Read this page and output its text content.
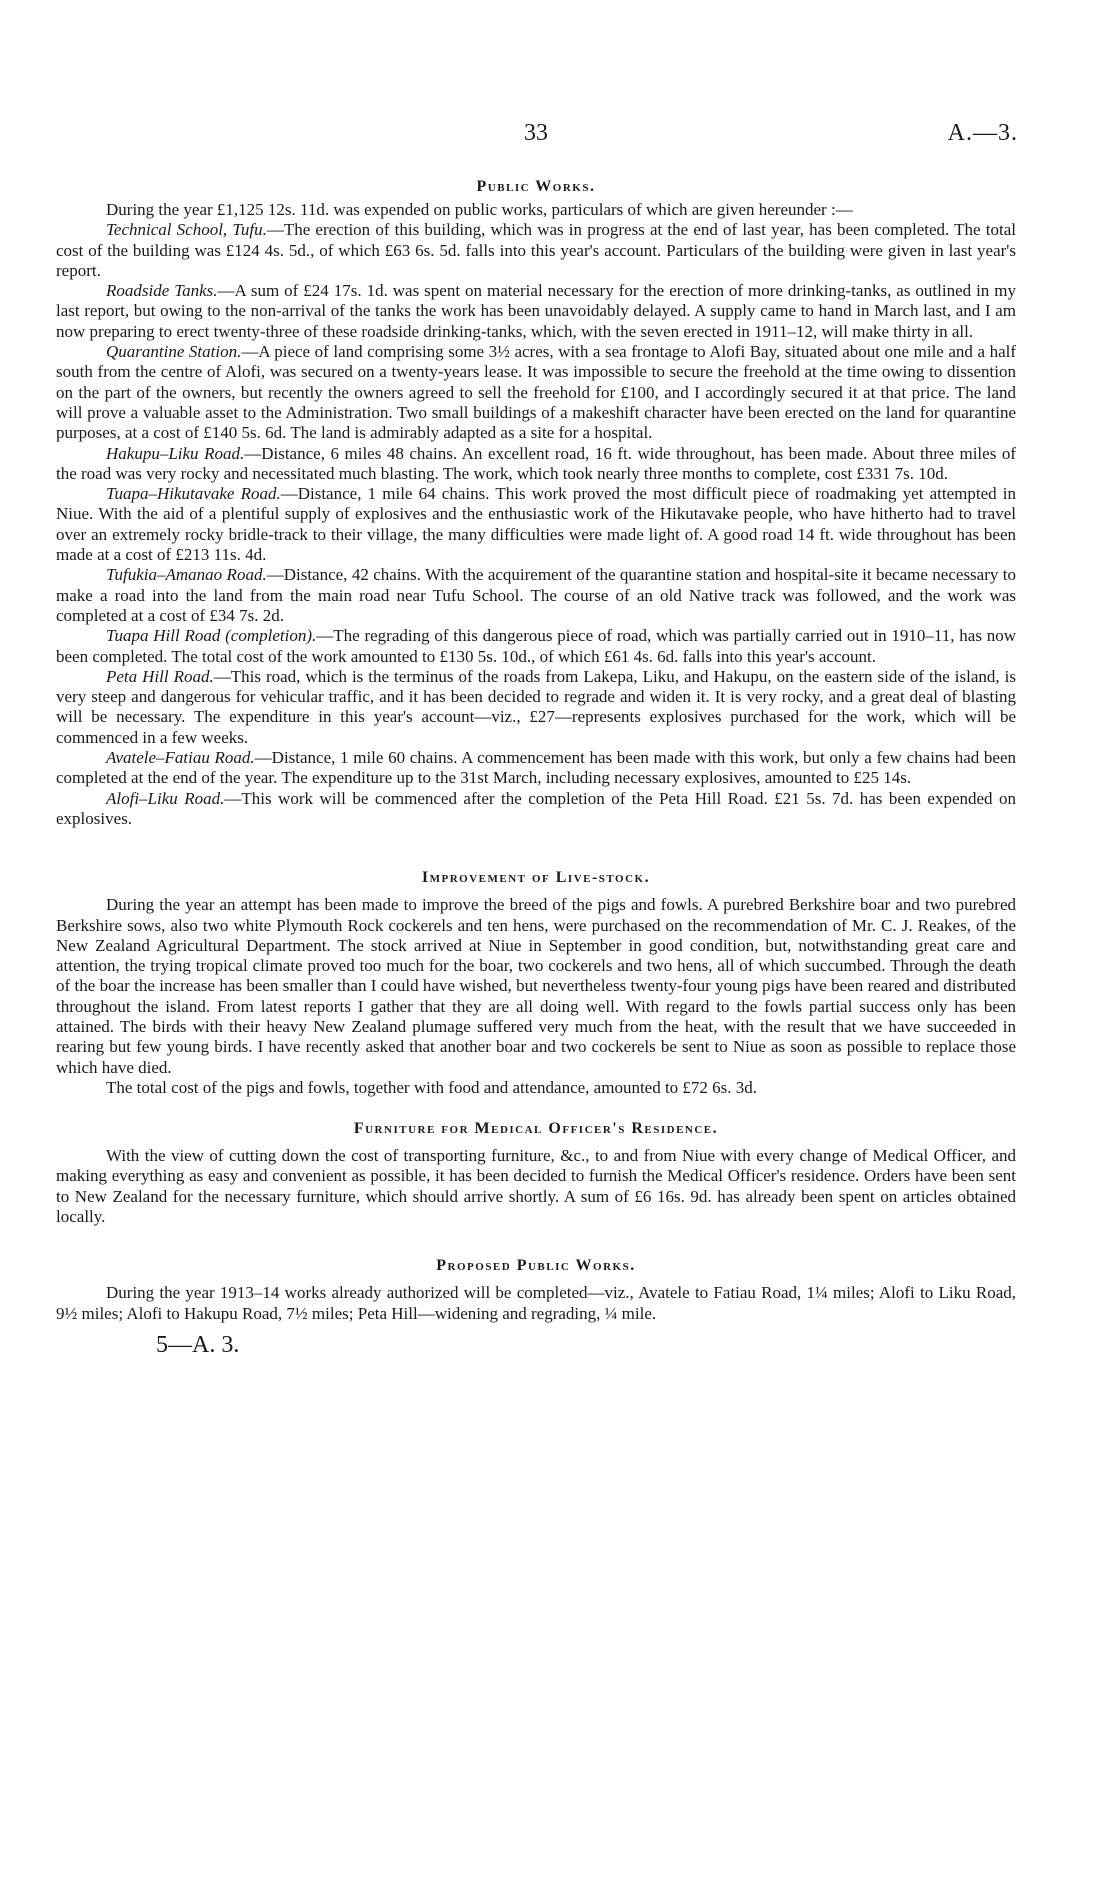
33	A.—3.
Public Works.

During the year £1,125 12s. 11d. was expended on public works, particulars of which are given hereunder :—

Technical School, Tufu.—The erection of this building, which was in progress at the end of last year, has been completed. The total cost of the building was £124 4s. 5d., of which £63 6s. 5d. falls into this year's account. Particulars of the building were given in last year's report.

Roadside Tanks.—A sum of £24 17s. 1d. was spent on material necessary for the erection of more drinking-tanks, as outlined in my last report, but owing to the non-arrival of the tanks the work has been unavoidably delayed. A supply came to hand in March last, and I am now preparing to erect twenty-three of these roadside drinking-tanks, which, with the seven erected in 1911–12, will make thirty in all.

Quarantine Station.—A piece of land comprising some 3½ acres, with a sea frontage to Alofi Bay, situated about one mile and a half south from the centre of Alofi, was secured on a twenty-years lease. It was impossible to secure the freehold at the time owing to dissention on the part of the owners, but recently the owners agreed to sell the freehold for £100, and I accordingly secured it at that price. The land will prove a valuable asset to the Administration. Two small buildings of a makeshift character have been erected on the land for quarantine purposes, at a cost of £140 5s. 6d. The land is admirably adapted as a site for a hospital.

Hakupu–Liku Road.—Distance, 6 miles 48 chains. An excellent road, 16 ft. wide throughout, has been made. About three miles of the road was very rocky and necessitated much blasting. The work, which took nearly three months to complete, cost £331 7s. 10d.

Tuapa–Hikutavake Road.—Distance, 1 mile 64 chains. This work proved the most difficult piece of roadmaking yet attempted in Niue. With the aid of a plentiful supply of explosives and the enthusiastic work of the Hikutavake people, who have hitherto had to travel over an extremely rocky bridle-track to their village, the many difficulties were made light of. A good road 14 ft. wide throughout has been made at a cost of £213 11s. 4d.

Tufukia–Amanao Road.—Distance, 42 chains. With the acquirement of the quarantine station and hospital-site it became necessary to make a road into the land from the main road near Tufu School. The course of an old Native track was followed, and the work was completed at a cost of £34 7s. 2d.

Tuapa Hill Road (completion).—The regrading of this dangerous piece of road, which was partially carried out in 1910–11, has now been completed. The total cost of the work amounted to £130 5s. 10d., of which £61 4s. 6d. falls into this year's account.

Peta Hill Road.—This road, which is the terminus of the roads from Lakepa, Liku, and Hakupu, on the eastern side of the island, is very steep and dangerous for vehicular traffic, and it has been decided to regrade and widen it. It is very rocky, and a great deal of blasting will be necessary. The expenditure in this year's account—viz., £27—represents explosives purchased for the work, which will be commenced in a few weeks.

Avatele–Fatiau Road.—Distance, 1 mile 60 chains. A commencement has been made with this work, but only a few chains had been completed at the end of the year. The expenditure up to the 31st March, including necessary explosives, amounted to £25 14s.

Alofi–Liku Road.—This work will be commenced after the completion of the Peta Hill Road. £21 5s. 7d. has been expended on explosives.

Improvement of Live-stock.

During the year an attempt has been made to improve the breed of the pigs and fowls. A purebred Berkshire boar and two purebred Berkshire sows, also two white Plymouth Rock cockerels and ten hens, were purchased on the recommendation of Mr. C. J. Reakes, of the New Zealand Agricultural Department. The stock arrived at Niue in September in good condition, but, notwithstanding great care and attention, the trying tropical climate proved too much for the boar, two cockerels and two hens, all of which succumbed. Through the death of the boar the increase has been smaller than I could have wished, but nevertheless twenty-four young pigs have been reared and distributed throughout the island. From latest reports I gather that they are all doing well. With regard to the fowls partial success only has been attained. The birds with their heavy New Zealand plumage suffered very much from the heat, with the result that we have succeeded in rearing but few young birds. I have recently asked that another boar and two cockerels be sent to Niue as soon as possible to replace those which have died.

The total cost of the pigs and fowls, together with food and attendance, amounted to £72 6s. 3d.

Furniture for Medical Officer's Residence.

With the view of cutting down the cost of transporting furniture, &c., to and from Niue with every change of Medical Officer, and making everything as easy and convenient as possible, it has been decided to furnish the Medical Officer's residence. Orders have been sent to New Zealand for the necessary furniture, which should arrive shortly. A sum of £6 16s. 9d. has already been spent on articles obtained locally.

Proposed Public Works.

During the year 1913–14 works already authorized will be completed—viz., Avatele to Fatiau Road, 1¼ miles; Alofi to Liku Road, 9½ miles; Alofi to Hakupu Road, 7½ miles; Peta Hill—widening and regrading, ¼ mile.

5—A. 3.
